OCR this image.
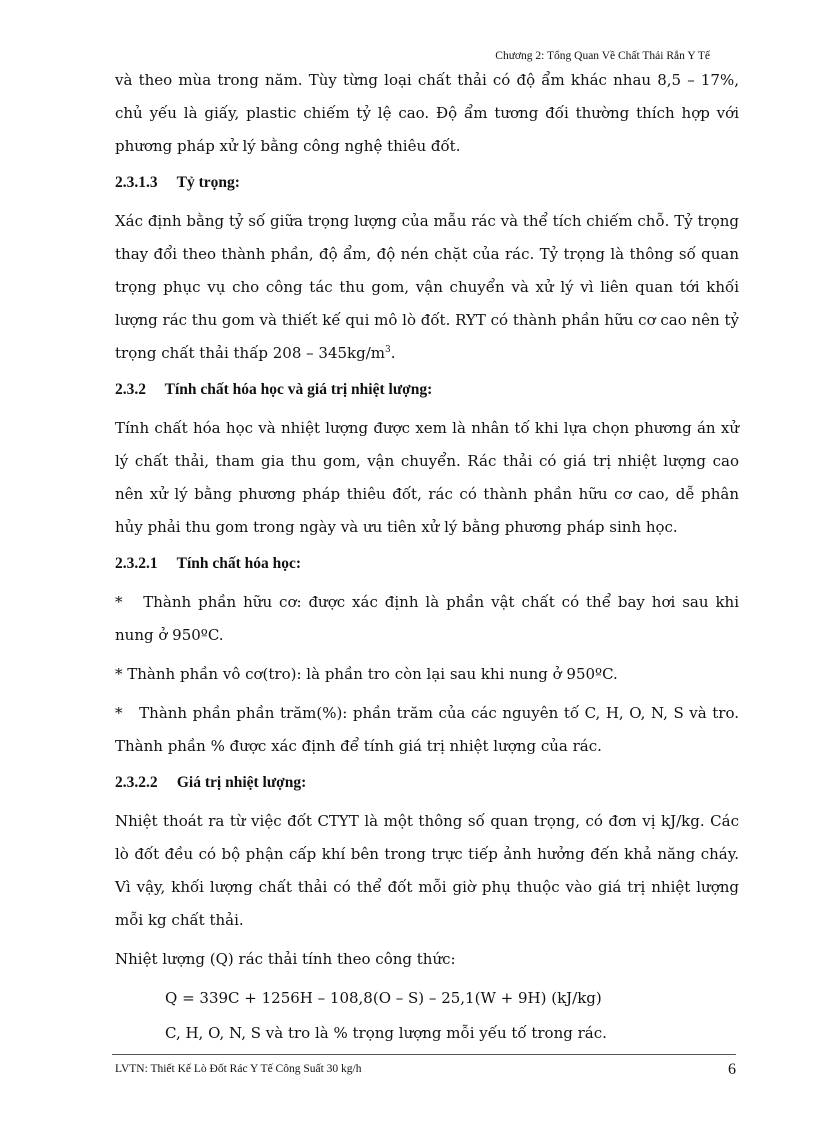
Chương 2: Tổng Quan Về Chất Thải Rắn Y Tế

và theo mùa trong năm. Tùy từng loại chất thải có độ ẩm khác nhau 8,5 – 17%, chủ yếu là giấy, plastic chiếm tỷ lệ cao. Độ ẩm tương đối thường thích hợp với phương pháp xử lý bằng công nghệ thiêu đốt.

2.3.1.3 Tỷ trọng:

Xác định bằng tỷ số giữa trọng lượng của mẫu rác và thể tích chiếm chỗ. Tỷ trọng thay đổi theo thành phần, độ ẩm, độ nén chặt của rác. Tỷ trọng là thông số quan trọng phục vụ cho công tác thu gom, vận chuyển và xử lý vì liên quan tới khối lượng rác thu gom và thiết kế qui mô lò đốt. RYT có thành phần hữu cơ cao nên tỷ trọng chất thải thấp $208 - 345kg/m^3$.

2.3.2 Tính chất hóa học và giá trị nhiệt lượng:

Tính chất hóa học và nhiệt lượng được xem là nhân tố khi lựa chọn phương án xử lý chất thải, tham gia thu gom, vận chuyển. Rác thải có giá trị nhiệt lượng cao nên xử lý bằng phương pháp thiêu đốt, rác có thành phần hữu cơ cao, dễ phân hủy phải thu gom trong ngày và ưu tiên xử lý bằng phương pháp sinh học.

2.3.2.1 Tính chất hóa học:

*   Thành phần hữu cơ: được xác định là phần vật chất có thể bay hơi sau khi nung ở 950ºC.

* Thành phần vô cơ(tro): là phần tro còn lại sau khi nung ở 950ºC.

*   Thành phần phần trăm(%): phần trăm của các nguyên tố C, H, O, N, S và tro. Thành phần % được xác định để tính giá trị nhiệt lượng của rác.

2.3.2.2 Giá trị nhiệt lượng:

Nhiệt thoát ra từ việc đốt CTYT là một thông số quan trọng, có đơn vị kJ/kg. Các lò đốt đều có bộ phận cấp khí bên trong trực tiếp ảnh hưởng đến khả năng cháy. Vì vậy, khối lượng chất thải có thể đốt mỗi giờ phụ thuộc vào giá trị nhiệt lượng mỗi kg chất thải.

Nhiệt lượng (Q) rác thải tính theo công thức:

Q = 339C + 1256H – 108,8(O – S) – 25,1(W + 9H) (kJ/kg)

C, H, O, N, S và tro là % trọng lượng mỗi yếu tố trong rác.

LVTN: Thiết Kế Lò Đốt Rác Y Tế Công Suất 30 kg/h	6
